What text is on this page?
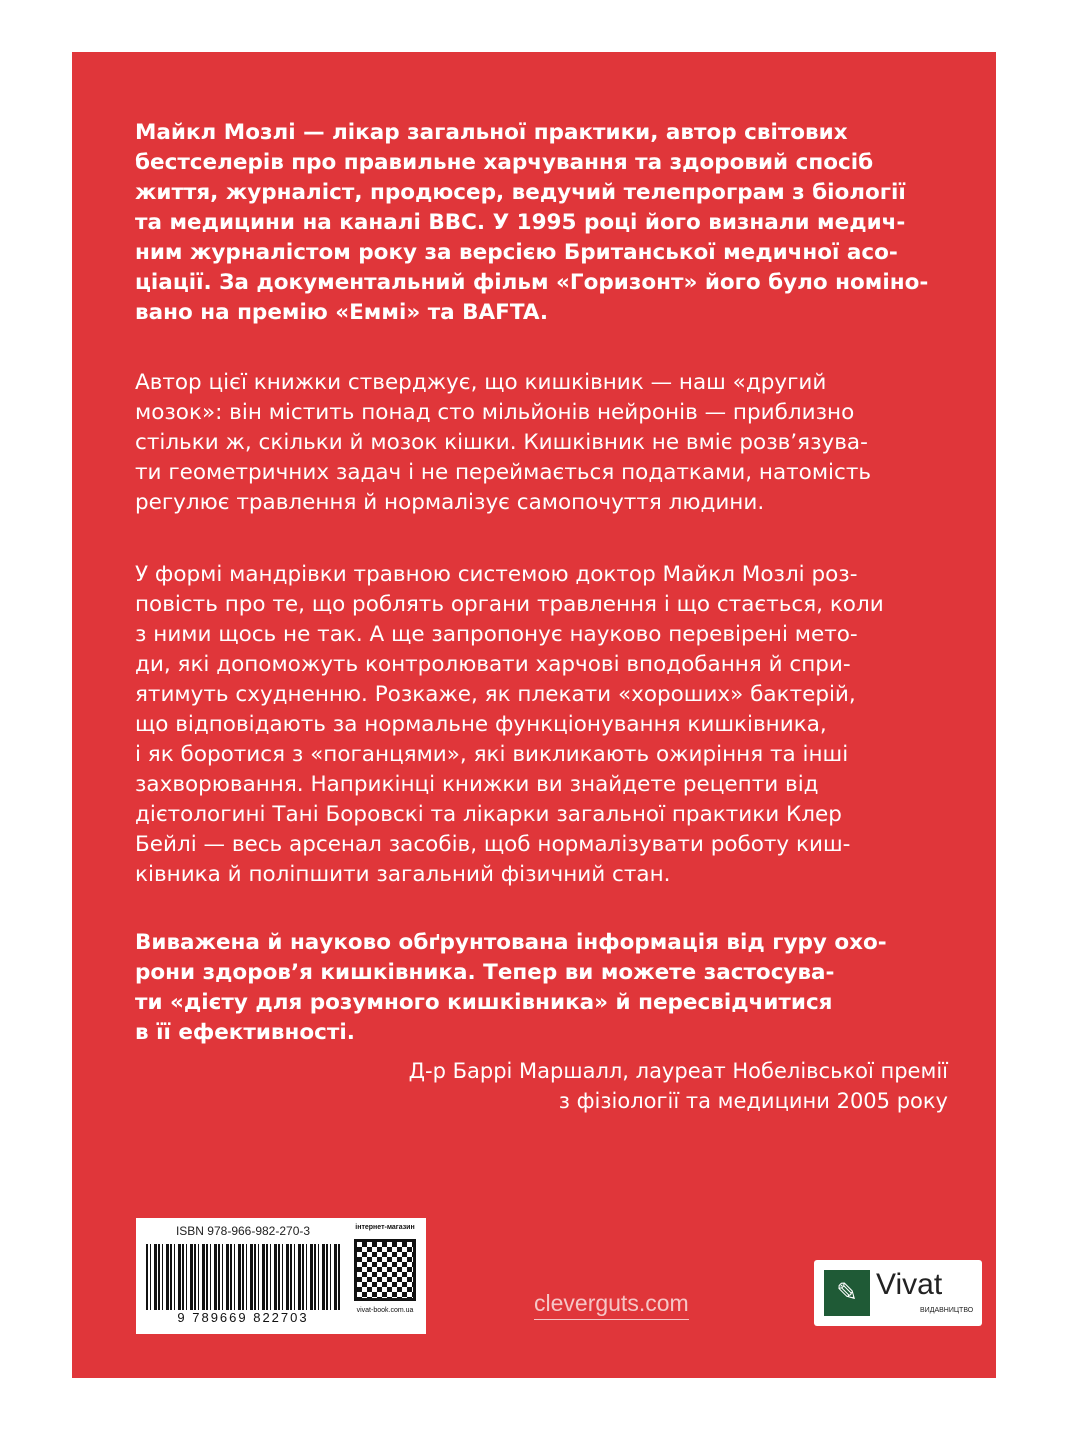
Майкл Мозлі — лікар загальної практики, автор світових
бестселерів про правильне харчування та здоровий спосіб
життя, журналіст, продюсер, ведучий телепрограм з біології
та медицини на каналі BBC. У 1995 році його визнали медич-
ним журналістом року за версією Британської медичної асо-
ціації. За документальний фільм «Горизонт» його було номіно-
вано на премію «Еммі» та BAFTA.
Автор цієї книжки стверджує, що кишківник — наш «другий
мозок»: він містить понад сто мільйонів нейронів — приблизно
стільки ж, скільки й мозок кішки. Кишківник не вміє розв’язува-
ти геометричних задач і не переймається податками, натомість
регулює травлення й нормалізує самопочуття людини.
У формі мандрівки травною системою доктор Майкл Мозлі роз-
повість про те, що роблять органи травлення і що стається, коли
з ними щось не так. А ще запропонує науково перевірені мето-
ди, які допоможуть контролювати харчові вподобання й спри-
ятимуть схудненню. Розкаже, як плекати «хороших» бактерій,
що відповідають за нормальне функціонування кишківника,
і як боротися з «поганцями», які викликають ожиріння та інші
захворювання. Наприкінці книжки ви знайдете рецепти від
дієтологині Тані Боровскі та лікарки загальної практики Клер
Бейлі — весь арсенал засобів, щоб нормалізувати роботу киш-
ківника й поліпшити загальний фізичний стан.
Виважена й науково обґрунтована інформація від гуру охо-
рони здоров’я кишківника. Тепер ви можете застосува-
ти «дієту для розумного кишківника» й пересвідчитися
в її ефективності.
Д-р Баррі Маршалл, лауреат Нобелівської премії
з фізіології та медицини 2005 року
ISBN 978-966-982-270-3
9 789669 822703
інтернет-магазин
vivat-book.com.ua	cleverguts.com	✎ Vivat
ВИДАВНИЦТВО
